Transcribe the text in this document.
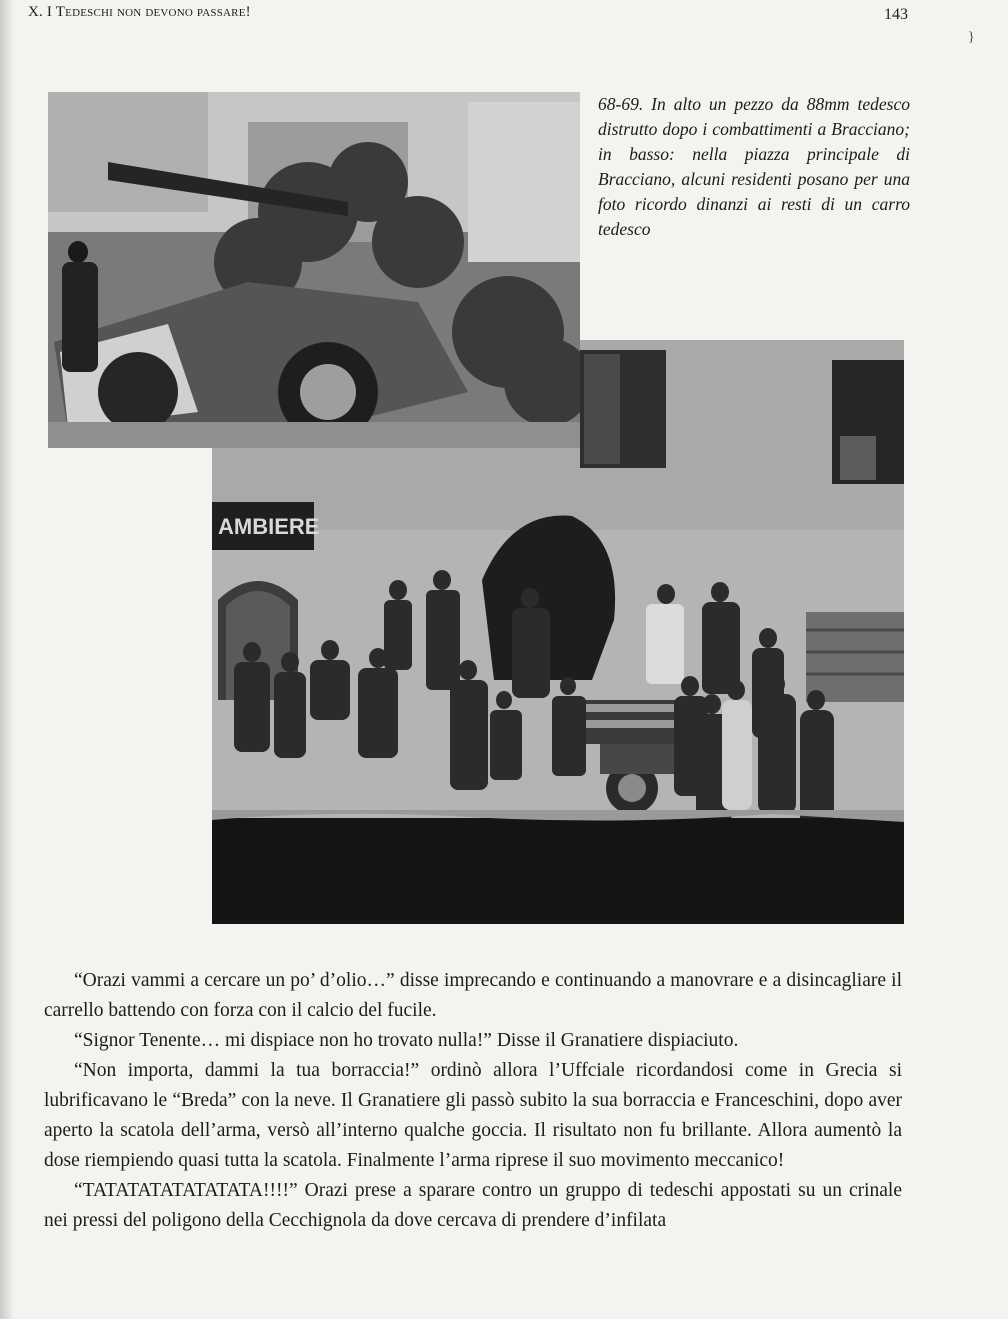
X. I Tedeschi non devono passare!	143
}
AMBIERE
68-69. In alto un pezzo da 88mm tedesco distrutto dopo i combattimenti a Bracciano; in basso: nella piazza principale di Bracciano, alcuni residenti posano per una foto ricordo dinanzi ai resti di un carro tedesco

“Orazi vammi a cercare un po’ d’olio…” disse imprecando e continuando a manovrare e a disincagliare il carrello battendo con forza con il calcio del fucile.

“Signor Tenente… mi dispiace non ho trovato nulla!” Disse il Granatiere dispiaciuto.

“Non importa, dammi la tua borraccia!” ordinò allora l’Uffciale ricordandosi come in Grecia si lubrificavano le “Breda” con la neve. Il Granatiere gli passò subito la sua borraccia e Franceschini, dopo aver aperto la scatola dell’arma, versò all’interno qualche goccia. Il risultato non fu brillante. Allora aumentò la dose riempiendo quasi tutta la scatola. Finalmente l’arma riprese il suo movimento meccanico!

“TATATATATATATATA!!!!” Orazi prese a sparare contro un gruppo di tedeschi appostati su un crinale nei pressi del poligono della Cecchignola da dove cercava di prendere d’infilata
